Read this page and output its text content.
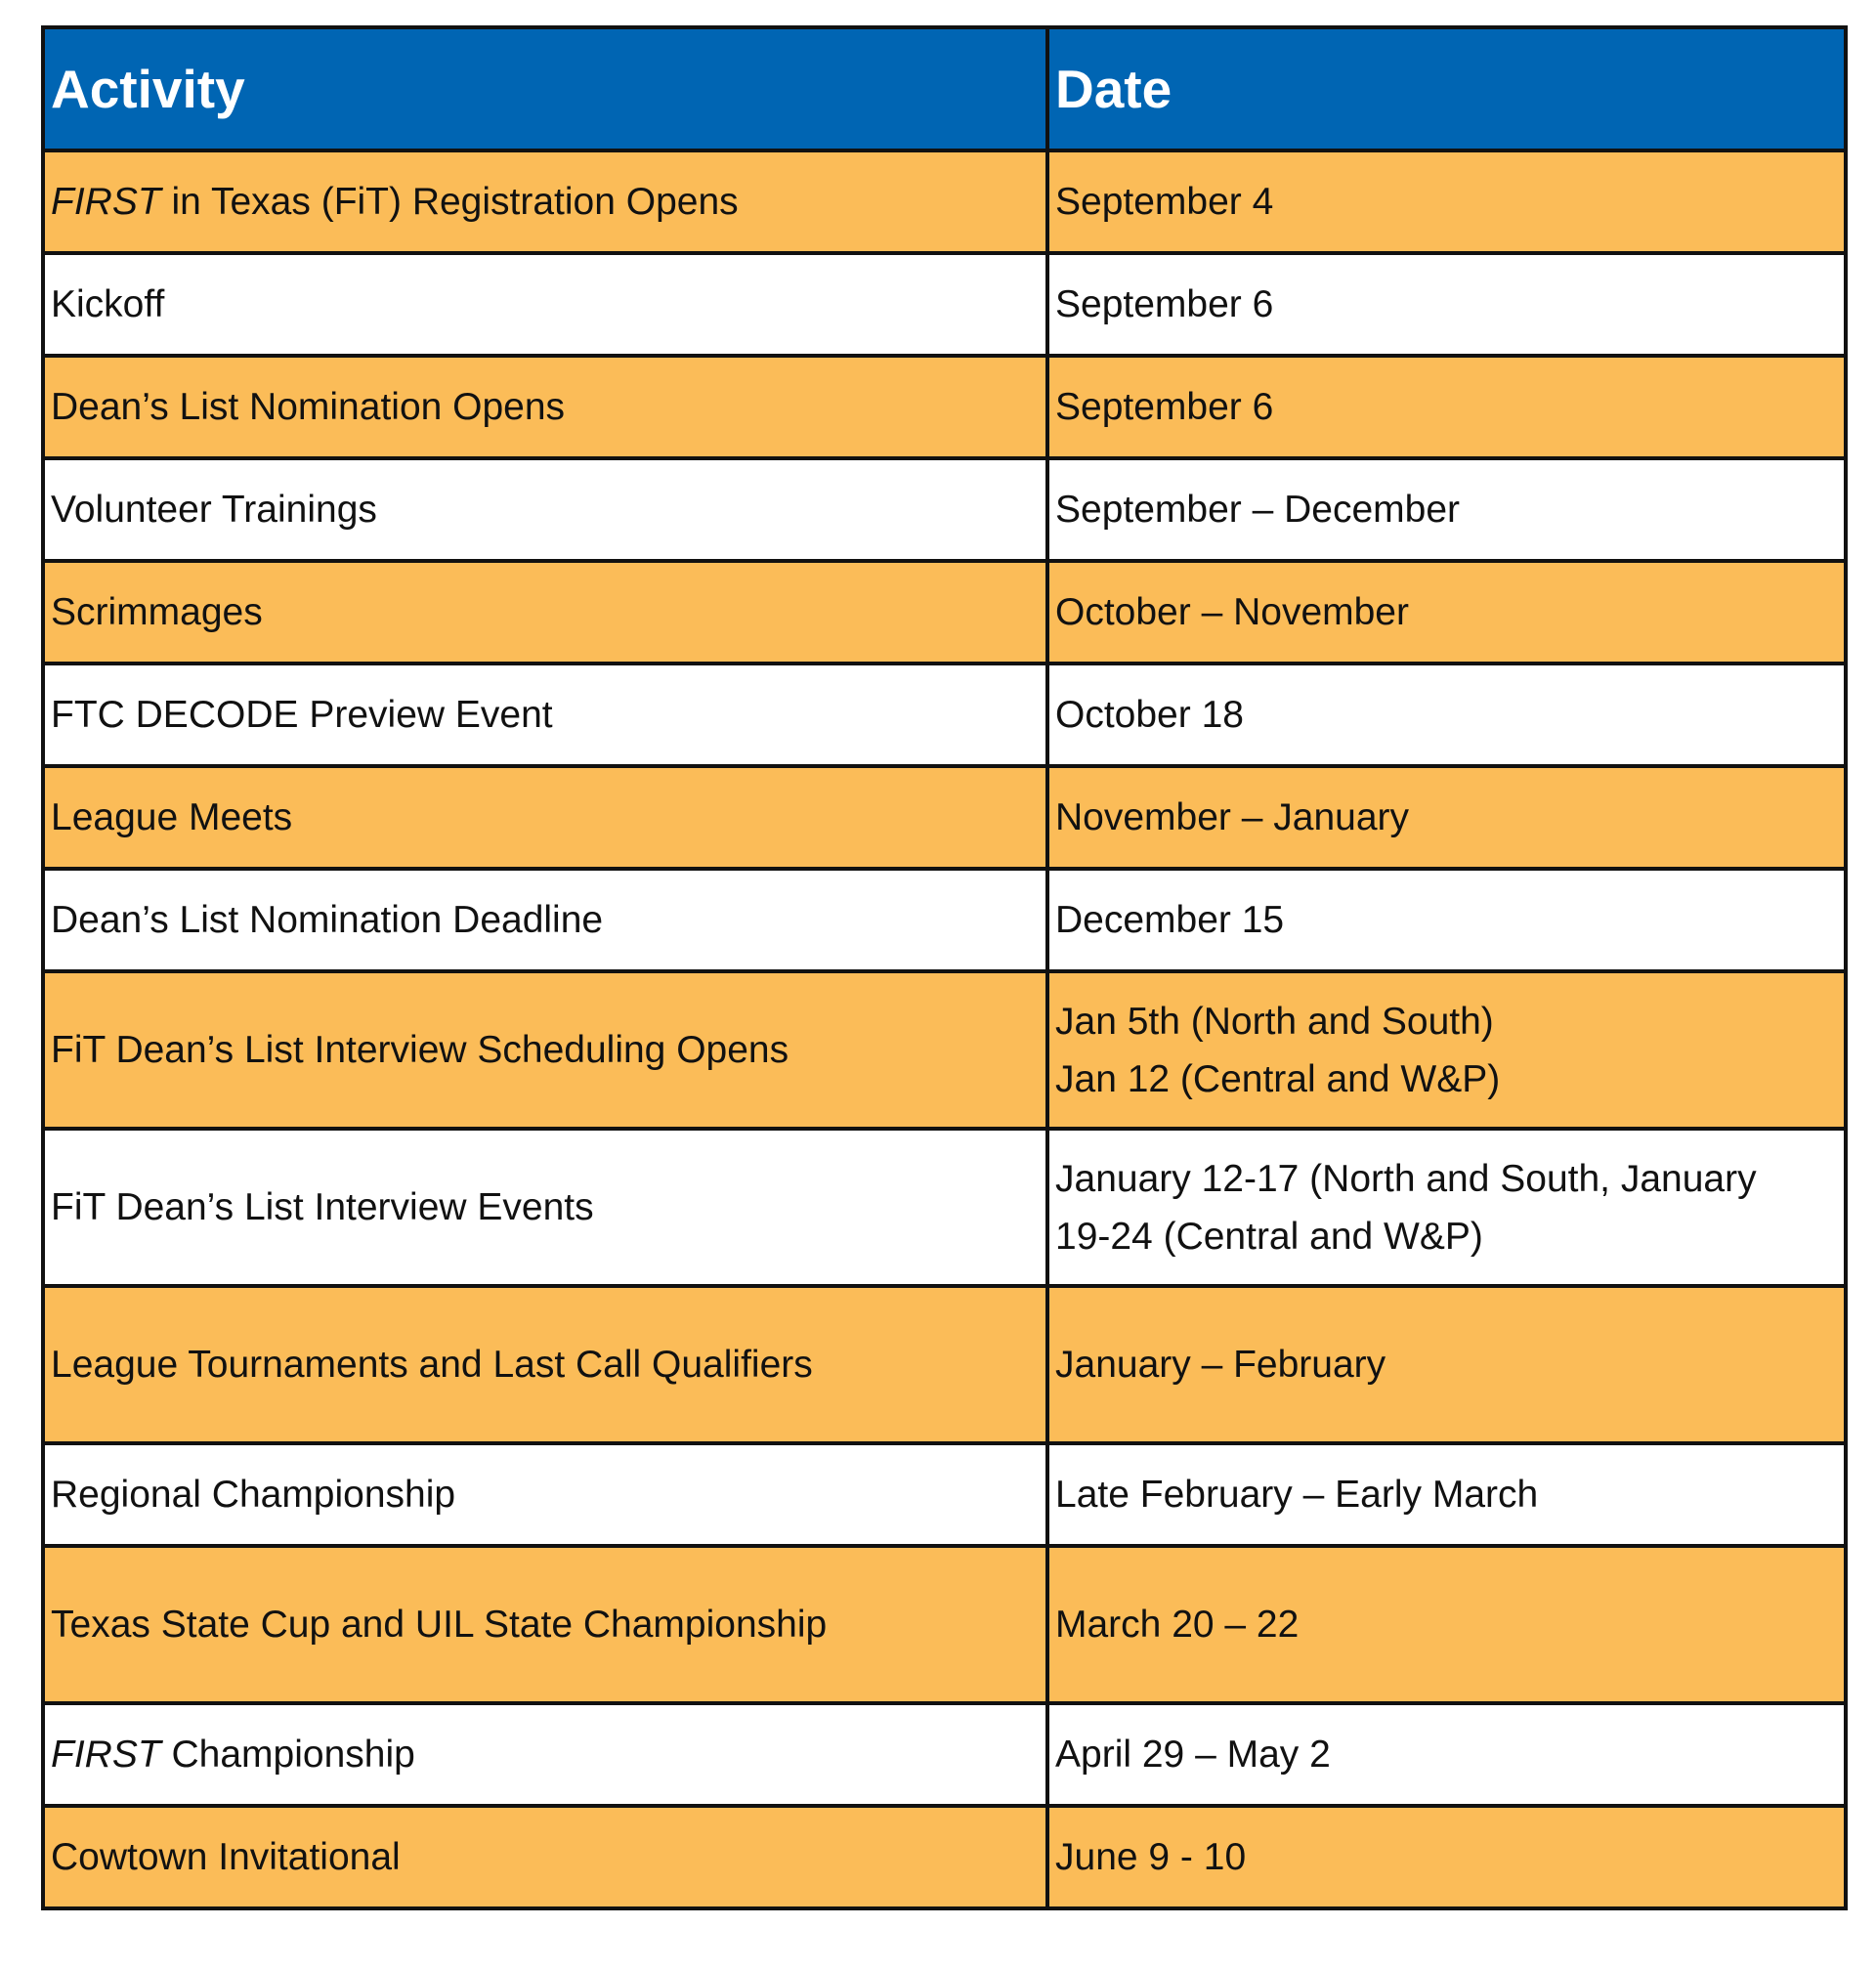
Activity	Date
FIRST in Texas (FiT) Registration Opens	September 4
Kickoff	September 6
Dean’s List Nomination Opens	September 6
Volunteer Trainings	September – December
Scrimmages	October – November
FTC DECODE Preview Event	October 18
League Meets	November – January
Dean’s List Nomination Deadline	December 15
FiT Dean’s List Interview Scheduling Opens	Jan 5th (North and South)
Jan 12 (Central and W&P)

FiT Dean’s List Interview Events	January 12-17 (North and South, January
19-24 (Central and W&P)

League Tournaments and Last Call Qualifiers	January – February
Regional Championship	Late February – Early March
Texas State Cup and UIL State Championship	March 20 – 22
FIRST Championship	April 29 – May 2
Cowtown Invitational	June 9 - 10
